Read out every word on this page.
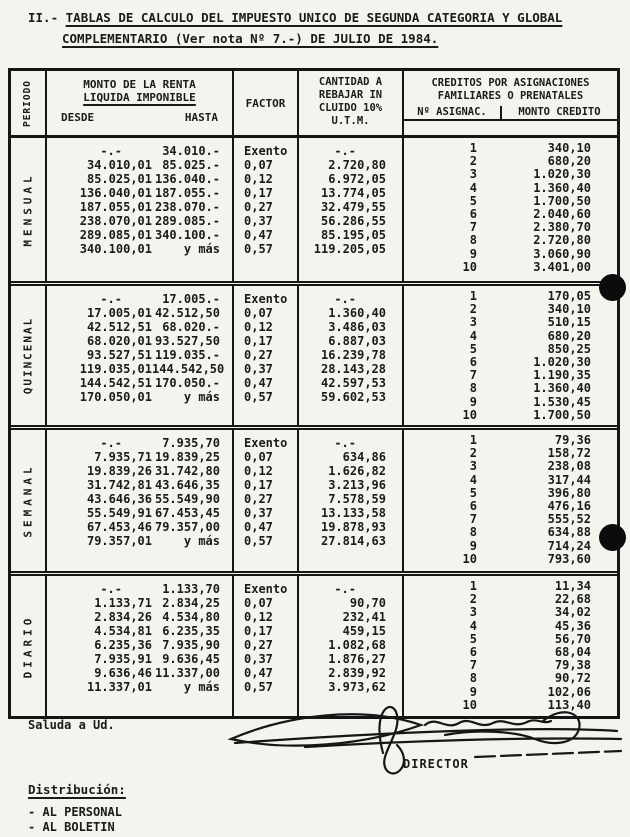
· ··· II.- TABLAS DE CALCULO DEL IMPUESTO UNICO DE SEGUNDA CATEGORIA Y GLOBAL
COMPLEMENTARIO (Ver nota Nº 7.-) DE JULIO DE 1984.
PERIODO	MONTO DE LA RENTA
LIQUIDA IMPONIBLE
DESDE	HASTA
FACTOR
CANTIDAD A
REBAJAR IN
CLUIDO 10%
U.T.M.
CREDITOS POR ASIGNACIONES
FAMILIARES O PRENATALES
Nº ASIGNAC.	MONTO CREDITO
MENSUAL
-.-	34.010.-	Exento	-.-
34.010,01 85.025.-	0,07	2.720,80
85.025,01 136.040.-	0,12	6.972,05
136.040,01 187.055.-	0,17	13.774,05
187.055,01 238.070.-	0,27	32.479,55
238.070,01 289.085.-	0,37	56.286,55
289.085,01 340.100.-	0,47	85.195,05
340.100,01	y más	0,57	119.205,05
1	340,10
2	680,20
3	1.020,30
4	1.360,40
5	1.700,50
6	2.040,60
7	2.380,70
8	2.720,80
9	3.060,90
10	3.401,00
QUINCENAL
-.-	17.005.-	Exento	-.-
17.005,01 42.512,50	0,07	1.360,40
42.512,51 68.020.-	0,12	3.486,03
68.020,01 93.527,50	0,17	6.887,03
93.527,51 119.035.-	0,27	16.239,78
119.035,01 144.542,50	0,37	28.143,28
144.542,51 170.050.-	0,47	42.597,53
170.050,01	y más	0,57	59.602,53
1	170,05
2	340,10
3	510,15
4	680,20
5	850,25
6	1.020,30
7	1.190,35
8	1.360,40
9	1.530,45
10	1.700,50
SEMANAL
-.-	7.935,70	Exento	-.-
7.935,71 19.839,25	0,07	634,86
19.839,26 31.742,80	0,12	1.626,82
31.742,81 43.646,35	0,17	3.213,96
43.646,36 55.549,90	0,27	7.578,59
55.549,91 67.453,45	0,37	13.133,58
67.453,46 79.357,00	0,47	19.878,93
79.357,01	y más	0,57	27.814,63
1	79,36
2	158,72
3	238,08
4	317,44
5	396,80
6	476,16
7	555,52
8	634,88
9	714,24
10	793,60
DIARIO
-.-	1.133,70	Exento	-.-
1.133,71 2.834,25	0,07	90,70
2.834,26 4.534,80	0,12	232,41
4.534,81 6.235,35	0,17	459,15
6.235,36 7.935,90	0,27	1.082,68
7.935,91 9.636,45	0,37	1.876,27
9.636,46 11.337,00	0,47	2.839,92
11.337,01	y más	0,57	3.973,62
1	11,34
2	22,68
3	34,02
4	45,36
5	56,70
6	68,04
7	79,38
8	90,72
9	102,06
10	113,40
Saluda a Ud.
DIRECTOR
Distribución:
- AL PERSONAL
- AL BOLETIN
